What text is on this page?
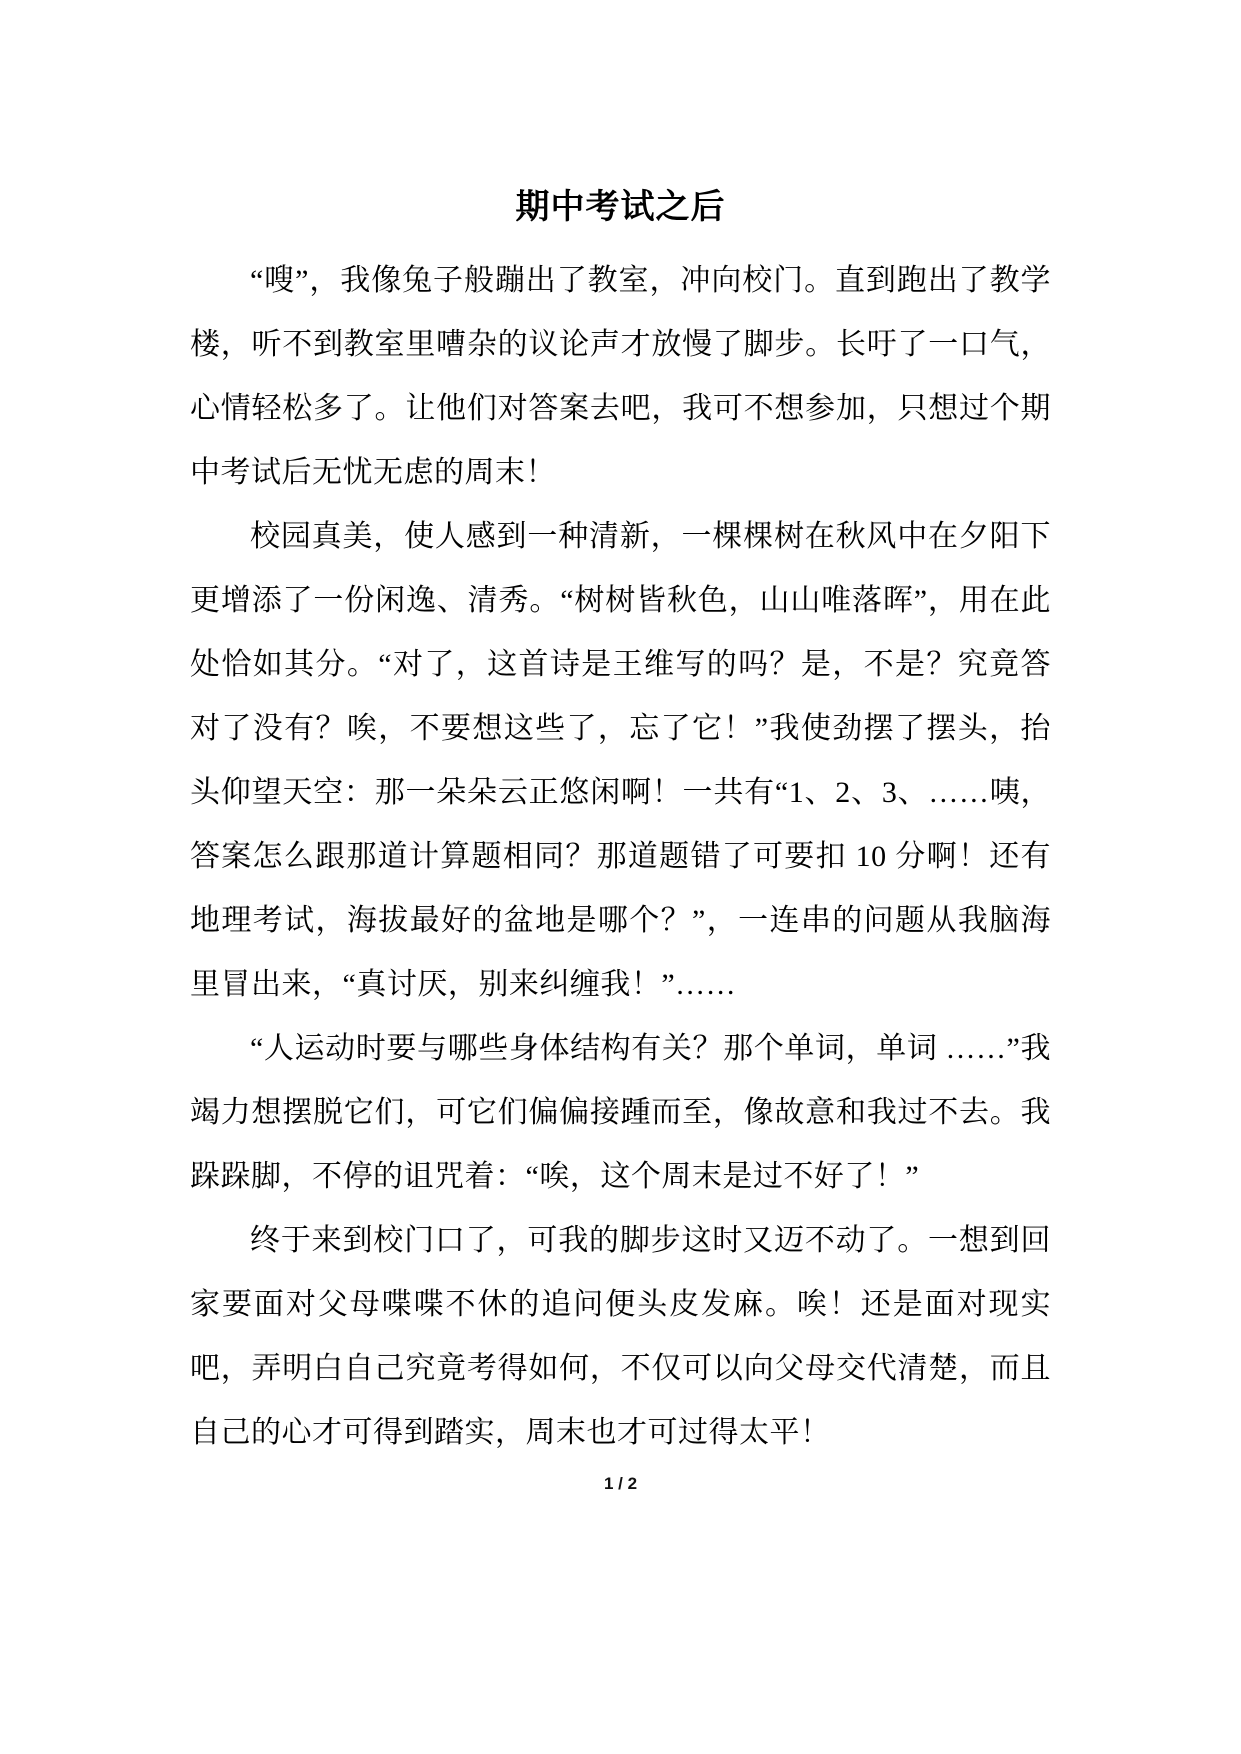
期中考试之后

“嗖”，我像兔子般蹦出了教室，冲向校门。直到跑出了教学楼，听不到教室里嘈杂的议论声才放慢了脚步。长吁了一口气，心情轻松多了。让他们对答案去吧，我可不想参加，只想过个期中考试后无忧无虑的周末！

校园真美，使人感到一种清新，一棵棵树在秋风中在夕阳下更增添了一份闲逸、清秀。“树树皆秋色，山山唯落晖”，用在此处恰如其分。“对了，这首诗是王维写的吗？是，不是？究竟答对了没有？唉，不要想这些了，忘了它！”我使劲摆了摆头，抬头仰望天空：那一朵朵云正悠闲啊！一共有“1、2、3、……咦，答案怎么跟那道计算题相同？那道题错了可要扣 10 分啊！还有地理考试，海拔最好的盆地是哪个？”，一连串的问题从我脑海里冒出来，“真讨厌，别来纠缠我！”……

“人运动时要与哪些身体结构有关？那个单词，单词 ……”我竭力想摆脱它们，可它们偏偏接踵而至，像故意和我过不去。我跺跺脚，不停的诅咒着：“唉，这个周末是过不好了！”

终于来到校门口了，可我的脚步这时又迈不动了。一想到回家要面对父母喋喋不休的追问便头皮发麻。唉！还是面对现实吧，弄明白自己究竟考得如何，不仅可以向父母交代清楚，而且自己的心才可得到踏实，周末也才可过得太平！

1 / 2
